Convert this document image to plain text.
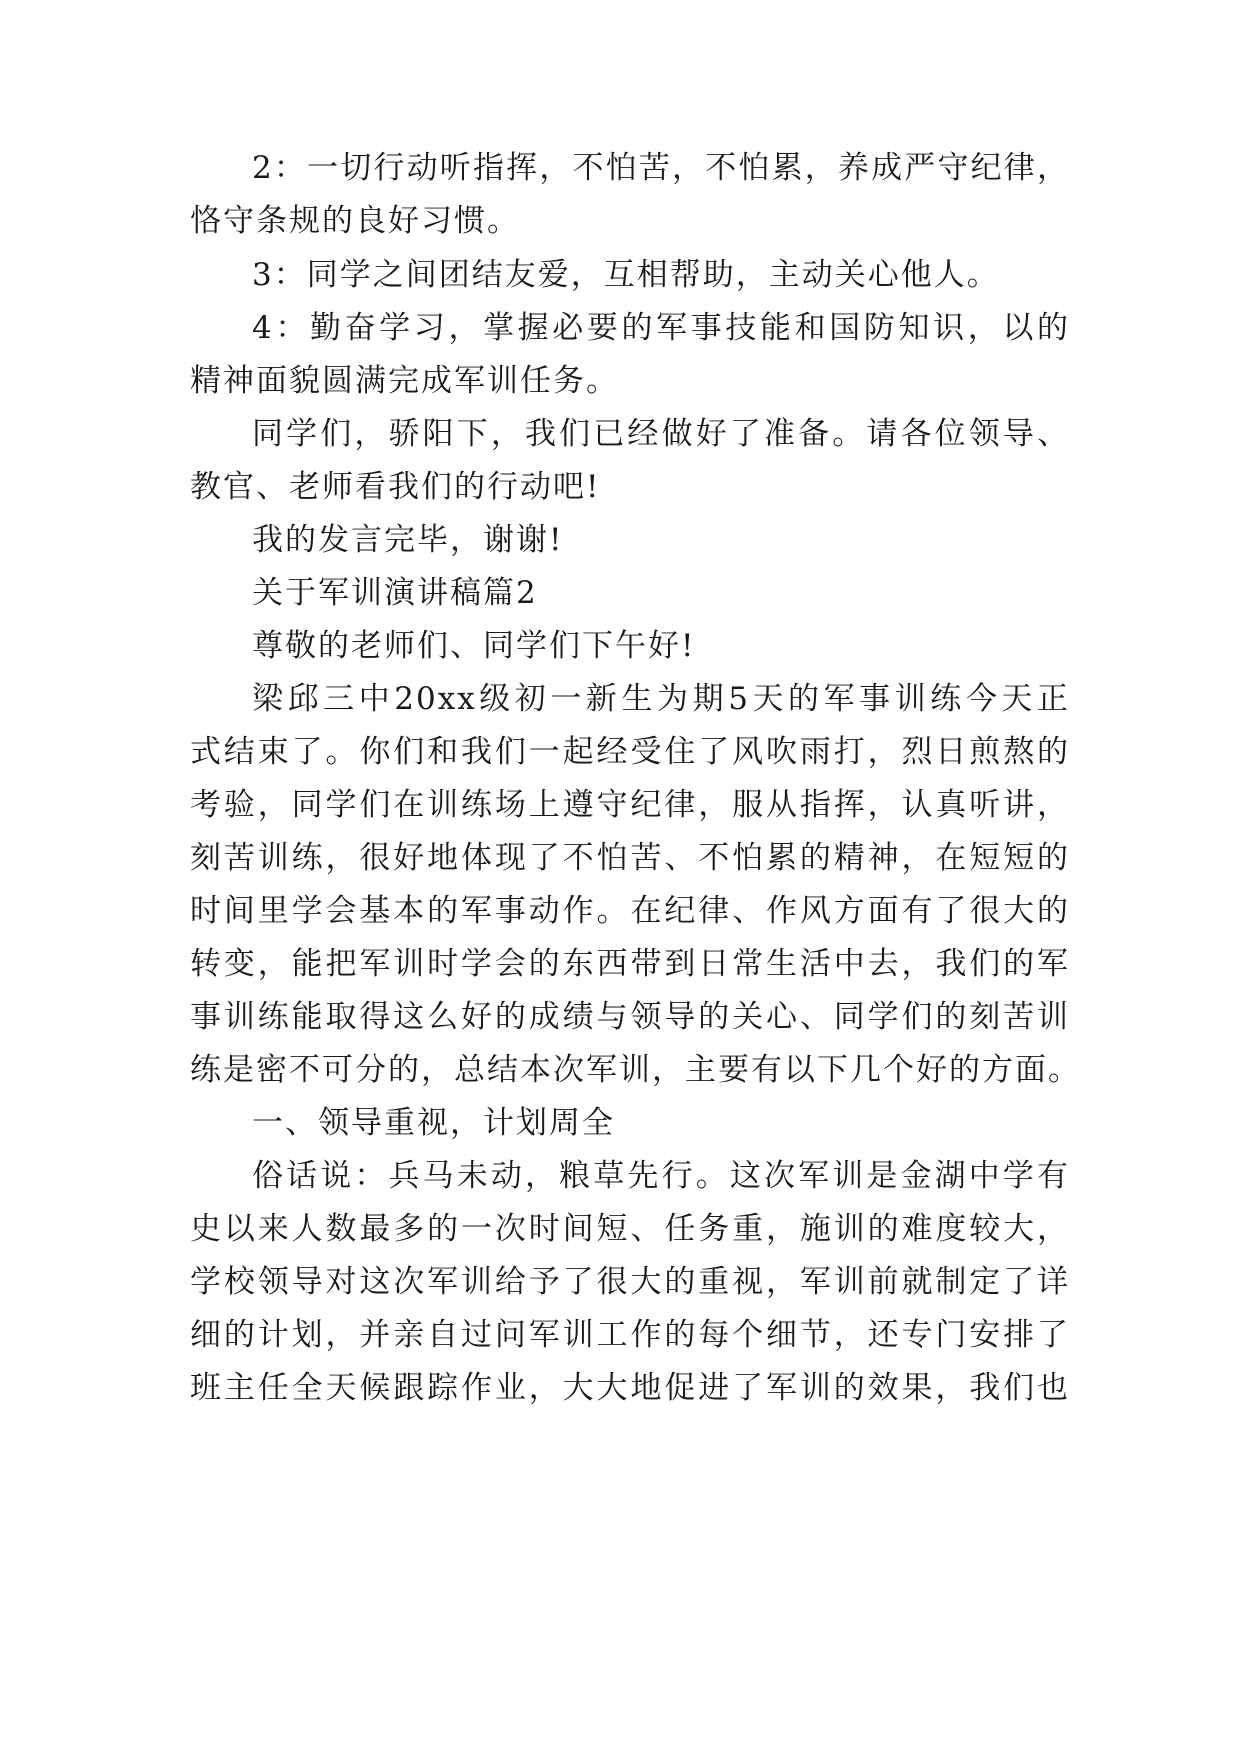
2：一切行动听指挥，不怕苦，不怕累，养成严守纪律，
恪守条规的良好习惯。
3：同学之间团结友爱，互相帮助，主动关心他人。
4：勤奋学习，掌握必要的军事技能和国防知识，以的
精神面貌圆满完成军训任务。
同学们，骄阳下，我们已经做好了准备。请各位领导、
教官、老师看我们的行动吧!
我的发言完毕，谢谢!
关于军训演讲稿篇2
尊敬的老师们、同学们下午好!
梁邱三中20xx级初一新生为期5天的军事训练今天正
式结束了。你们和我们一起经受住了风吹雨打，烈日煎熬的
考验，同学们在训练场上遵守纪律，服从指挥，认真听讲，
刻苦训练，很好地体现了不怕苦、不怕累的精神，在短短的
时间里学会基本的军事动作。在纪律、作风方面有了很大的
转变，能把军训时学会的东西带到日常生活中去，我们的军
事训练能取得这么好的成绩与领导的关心、同学们的刻苦训
练是密不可分的，总结本次军训，主要有以下几个好的方面。
一、领导重视，计划周全
俗话说：兵马未动，粮草先行。这次军训是金湖中学有
史以来人数最多的一次时间短、任务重，施训的难度较大，
学校领导对这次军训给予了很大的重视，军训前就制定了详
细的计划，并亲自过问军训工作的每个细节，还专门安排了
班主任全天候跟踪作业，大大地促进了军训的效果，我们也
